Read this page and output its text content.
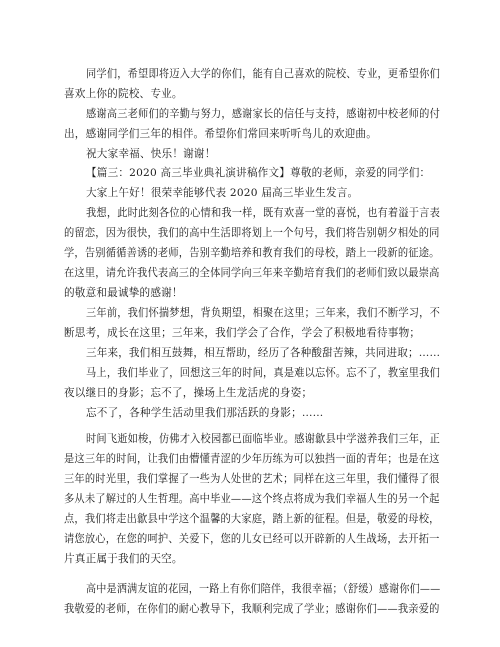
同学们，希望即将迈入大学的你们，能有自己喜欢的院校、专业，更希望你们
喜欢上你的院校、专业。
感谢高三老师们的辛勤与努力，感谢家长的信任与支持，感谢初中校老师的付
出，感谢同学们三年的相伴。希望你们常回来听听鸟儿的欢迎曲。
祝大家幸福、快乐！谢谢！
【篇三：2020 高三毕业典礼演讲稿作文】尊敬的老师，亲爱的同学们：
大家上午好！很荣幸能够代表 2020 届高三毕业生发言。
我想，此时此刻各位的心情和我一样，既有欢喜一堂的喜悦，也有着溢于言表
的留恋，因为很快，我们的高中生活即将划上一个句号，我们将告别朝夕相处的同
学，告别循循善诱的老师，告别辛勤培养和教育我们的母校，踏上一段新的征途。
在这里，请允许我代表高三的全体同学向三年来辛勤培育我们的老师们致以最崇高
的敬意和最诚挚的感谢！
三年前，我们怀揣梦想，背负期望，相聚在这里；三年来，我们不断学习，不
断思考，成长在这里；三年来，我们学会了合作，学会了积极地看待事物；
三年来，我们相互鼓舞，相互帮助，经历了各种酸甜苦辣，共同进取；……
马上，我们毕业了，回想这三年的时间，真是难以忘怀。忘不了，教室里我们
夜以继日的身影；忘不了，操场上生龙活虎的身姿；
忘不了，各种学生活动里我们那活跃的身影；……
时间飞逝如梭，仿佛才入校园都已面临毕业。感谢歙县中学滋养我们三年，正
是这三年的时间，让我们由懵懂青涩的少年历练为可以独挡一面的青年；也是在这
三年的时光里，我们掌握了一些为人处世的艺术；同样在这三年里，我们懂得了很
多从未了解过的人生哲理。高中毕业——这个终点将成为我们幸福人生的另一个起
点，我们将走出歙县中学这个温馨的大家庭，踏上新的征程。但是，敬爱的母校，
请您放心，在您的呵护、关爱下，您的儿女已经可以开辟新的人生战场，去开拓一
片真正属于我们的天空。
高中是洒满友谊的花园，一路上有你们陪伴，我很幸福；（舒缓）感谢你们——
我敬爱的老师，在你们的耐心教导下，我顺利完成了学业；感谢你们——我亲爱的
